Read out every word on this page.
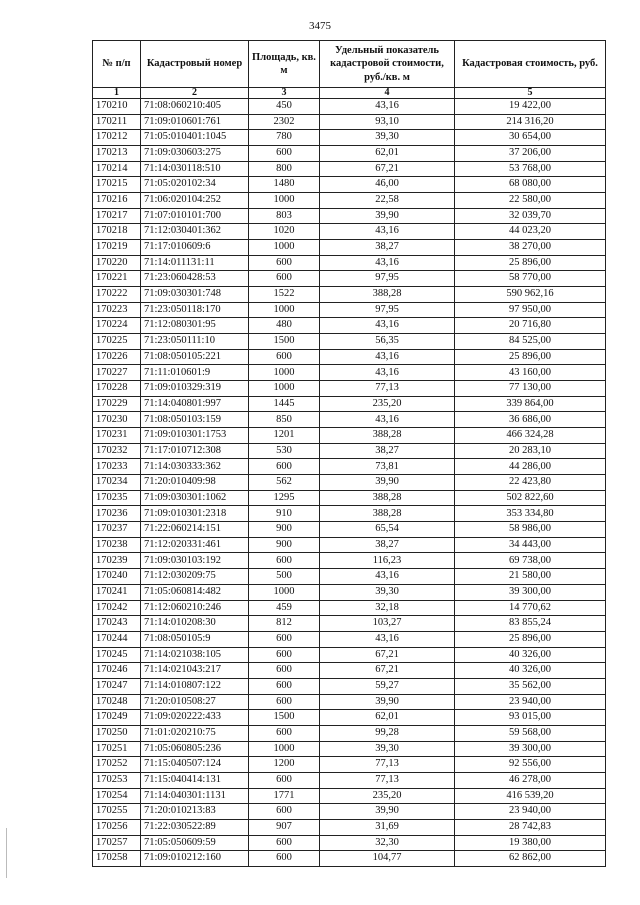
3475
№ п/п	Кадастровый номер	Площадь, кв. м	Удельный показатель кадастровой стоимости, руб./кв. м	Кадастровая стоимость, руб.
1	2	3	4	5
170210	71:08:060210:405	450	43,16	19 422,00
170211	71:09:010601:761	2302	93,10	214 316,20
170212	71:05:010401:1045	780	39,30	30 654,00
170213	71:09:030603:275	600	62,01	37 206,00
170214	71:14:030118:510	800	67,21	53 768,00
170215	71:05:020102:34	1480	46,00	68 080,00
170216	71:06:020104:252	1000	22,58	22 580,00
170217	71:07:010101:700	803	39,90	32 039,70
170218	71:12:030401:362	1020	43,16	44 023,20
170219	71:17:010609:6	1000	38,27	38 270,00
170220	71:14:011131:11	600	43,16	25 896,00
170221	71:23:060428:53	600	97,95	58 770,00
170222	71:09:030301:748	1522	388,28	590 962,16
170223	71:23:050118:170	1000	97,95	97 950,00
170224	71:12:080301:95	480	43,16	20 716,80
170225	71:23:050111:10	1500	56,35	84 525,00
170226	71:08:050105:221	600	43,16	25 896,00
170227	71:11:010601:9	1000	43,16	43 160,00
170228	71:09:010329:319	1000	77,13	77 130,00
170229	71:14:040801:997	1445	235,20	339 864,00
170230	71:08:050103:159	850	43,16	36 686,00
170231	71:09:010301:1753	1201	388,28	466 324,28
170232	71:17:010712:308	530	38,27	20 283,10
170233	71:14:030333:362	600	73,81	44 286,00
170234	71:20:010409:98	562	39,90	22 423,80
170235	71:09:030301:1062	1295	388,28	502 822,60
170236	71:09:010301:2318	910	388,28	353 334,80
170237	71:22:060214:151	900	65,54	58 986,00
170238	71:12:020331:461	900	38,27	34 443,00
170239	71:09:030103:192	600	116,23	69 738,00
170240	71:12:030209:75	500	43,16	21 580,00
170241	71:05:060814:482	1000	39,30	39 300,00
170242	71:12:060210:246	459	32,18	14 770,62
170243	71:14:010208:30	812	103,27	83 855,24
170244	71:08:050105:9	600	43,16	25 896,00
170245	71:14:021038:105	600	67,21	40 326,00
170246	71:14:021043:217	600	67,21	40 326,00
170247	71:14:010807:122	600	59,27	35 562,00
170248	71:20:010508:27	600	39,90	23 940,00
170249	71:09:020222:433	1500	62,01	93 015,00
170250	71:01:020210:75	600	99,28	59 568,00
170251	71:05:060805:236	1000	39,30	39 300,00
170252	71:15:040507:124	1200	77,13	92 556,00
170253	71:15:040414:131	600	77,13	46 278,00
170254	71:14:040301:1131	1771	235,20	416 539,20
170255	71:20:010213:83	600	39,90	23 940,00
170256	71:22:030522:89	907	31,69	28 742,83
170257	71:05:050609:59	600	32,30	19 380,00
170258	71:09:010212:160	600	104,77	62 862,00
